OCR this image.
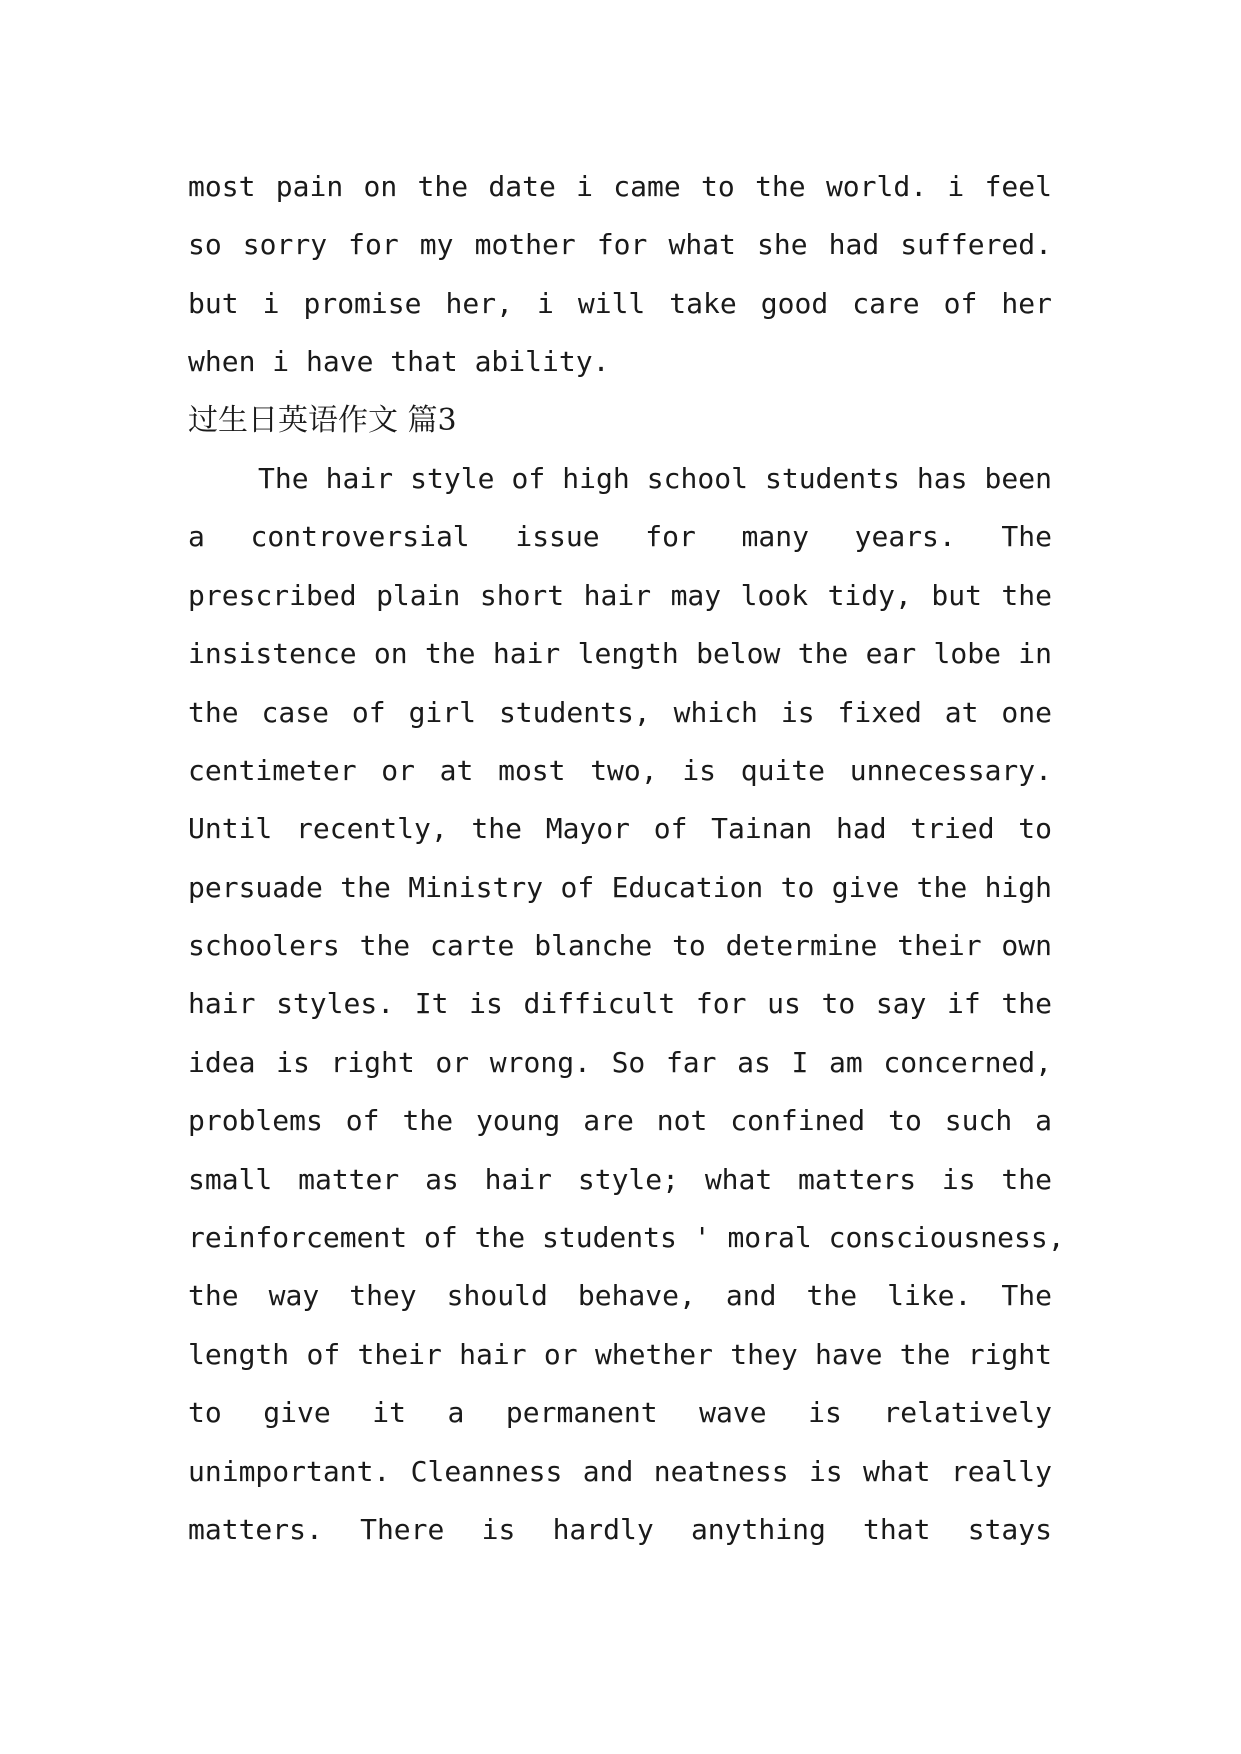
most pain on the date i came to the world. i feel
so sorry for my mother for what she had suffered.
but i promise her, i will take good care of her
when i have that ability.
过生日英语作文 篇3
The hair style of high school students has been
a controversial issue for many years. The
prescribed plain short hair may look tidy, but the
insistence on the hair length below the ear lobe in
the case of girl students, which is fixed at one
centimeter or at most two, is quite unnecessary.
Until recently, the Mayor of Tainan had tried to
persuade the Ministry of Education to give the high
schoolers the carte blanche to determine their own
hair styles. It is difficult for us to say if the
idea is right or wrong. So far as I am concerned,
problems of the young are not confined to such a
small matter as hair style; what matters is the
reinforcement of the students ' moral consciousness,
the way they should behave, and the like. The
length of their hair or whether they have the right
to give it a permanent wave is relatively
unimportant. Cleanness and neatness is what really
matters. There is hardly anything that stays
